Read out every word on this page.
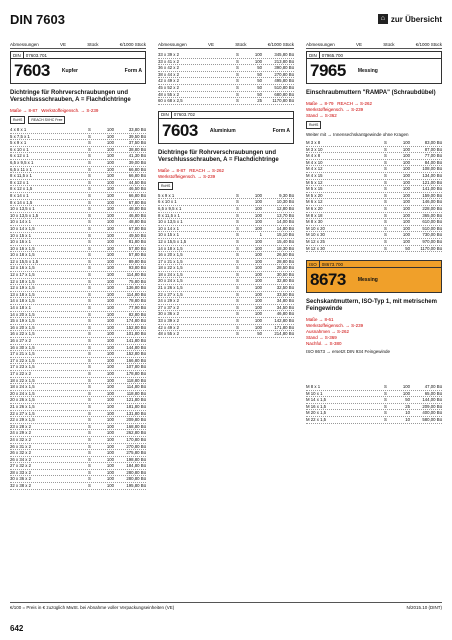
DIN 7603	⌂ zur Übersicht
Abmessungen	VE	Stück	€/1000 Stück
DIN	07603.701
7603 Kupfer	Form A
Dichtringe für Rohrverschraubungen und Verschlussschrauben, A = Flachdichtringe
Maße → 8-87 Werkstoffeigensch. → S-239
RoHS	REACH SVHC Free
4 x 8 x 1	S	100	33,80 Bü
5 x 7,5 x 1	S	100	39,50 Bü
5 x 9 x 1	S	100	37,50 Bü
6 x 10 x 1	S	100	38,80 Bü
6 x 12 x 1	S	100	41,30 Bü
6,5 x 9,5 x 1	S	100	39,00 Bü
6,5 x 11 x 1	S	100	66,80 Bü
8 x 11,5 x 1	S	100	66,80 Bü
8 x 12 x 1	S	100	44,50 Bü
8 x 12 x 1,5	S	100	46,50 Bü
8 x 14 x 1	S	100	66,80 Bü
8 x 14 x 1,5	S	100	67,80 Bü
10 x 13,5 x 1	S	100	48,80 Bü
10 x 13,5 x 1,5	S	100	46,80 Bü
10 x 14 x 1	S	100	48,80 Bü
10 x 14 x 1,5	S	100	67,80 Bü
10 x 15 x 1	S	100	49,50 Bü
10 x 16 x 1	S	100	81,80 Bü
10 x 16 x 1,5	S	100	57,80 Bü
10 x 18 x 1,5	S	100	57,80 Bü
12 x 15,5 x 1,5	S	100	89,80 Bü
12 x 16 x 1,5	S	100	93,80 Bü
12 x 17 x 1,5	S	100	114,80 Bü
12 x 18 x 1,5	S	100	75,80 Bü
12 x 19 x 1,5	S	100	136,80 Bü
13 x 18 x 1,5	S	100	114,80 Bü
14 x 18 x 1,5	S	100	78,80 Bü
14 x 18 x 1	S	100	77,90 Bü
14 x 20 x 1,5	S	100	82,80 Bü
15 x 19 x 1,5	S	100	174,80 Bü
16 x 20 x 1,5	S	100	152,80 Bü
16 x 22 x 1,5	S	100	101,80 Bü
16 x 27 x 2	S	100	141,80 Bü
16 x 30 x 1,5	S	100	144,80 Bü
17 x 21 x 1,5	S	100	152,80 Bü
17 x 22 x 1,5	S	100	166,80 Bü
17 x 23 x 1,5	S	100	107,80 Bü
17 x 22 x 2	S	100	178,80 Bü
18 x 22 x 1,5	S	100	118,80 Bü
18 x 24 x 1,5	S	100	114,80 Bü
20 x 24 x 1,5	S	100	118,80 Bü
20 x 26 x 1,5	S	100	121,80 Bü
21 x 26 x 1,5	S	100	181,80 Bü
22 x 27 x 1,5	S	100	131,80 Bü
22 x 29 x 1,5	S	100	209,80 Bü
23 x 28 x 2	S	100	168,80 Bü
24 x 29 x 2	S	100	262,80 Bü
24 x 32 x 2	S	100	170,80 Bü
26 x 31 x 2	S	100	270,80 Bü
26 x 32 x 2	S	100	275,80 Bü
26 x 34 x 2	S	100	198,80 Bü
27 x 32 x 2	S	100	184,80 Bü
28 x 33 x 2	S	100	280,80 Bü
30 x 36 x 2	S	100	280,80 Bü
32 x 38 x 2	S	100	195,80 Bü
Abmessungen	VE	Stück	€/1000 Stück
33 x 39 x 2	S	100	345,80 Bü
33 x 41 x 2	S	100	213,80 Bü
36 x 42 x 2	S	50	390,80 Bü
38 x 44 x 2	S	50	270,80 Bü
42 x 49 x 2	S	50	495,80 Bü
45 x 52 x 2	S	50	510,80 Bü
48 x 55 x 2	S	50	680,80 Bü
60 x 68 x 2,5	S	25	1170,80 Bü
DIN	07603.702
7603 Aluminium	Form A
Dichtringe für Rohrverschraubungen und Verschlussschrauben, A = Flachdichtringe
Maße → 8-87 REACH → S-262
Werkstoffeigensch. → S-239
RoHS
5 x 9 x 1	S	100	9,30 Bü
6 x 10 x 1	S	100	10,30 Bü
6,5 x 9,5 x 1	S	100	12,80 Bü
8 x 11,5 x 1	S	100	13,70 Bü
10 x 13,5 x 1	S	100	14,00 Bü
10 x 14 x 1	S	100	14,80 Bü
10 x 15 x 1	S	1	15,10 Bü
12 x 15,5 x 1,5	S	100	15,40 Bü
14 x 18 x 1,5	S	100	18,30 Bü
16 x 20 x 1,5	S	100	26,50 Bü
17 x 21 x 1,5	S	100	28,80 Bü
18 x 22 x 1,5	S	100	28,50 Bü
18 x 24 x 1,5	S	100	30,50 Bü
20 x 24 x 1,5	S	100	32,80 Bü
21 x 26 x 1,5	S	100	32,50 Bü
22 x 27 x 1,5	S	100	33,50 Bü
24 x 29 x 2	S	100	34,80 Bü
27 x 37 x 2	S	100	34,50 Bü
30 x 36 x 2	S	100	46,80 Bü
33 x 39 x 2	S	100	142,80 Bü
42 x 49 x 2	S	100	171,80 Bü
48 x 55 x 2	S	50	214,80 Bü
Abmessungen	VE	Stück	€/1000 Stück
DIN	07965.700
7965 Messing
Einschraubmuttern "RAMPA" (Schraubdübel)
Maße → 8-79 REACH → S-262
Werkstoffeigensch. → S-239
Stand → S-362
RoHS
Weiter mit → Innensechskantgewinde ohne Kragen
M 3 x 8	S	100	83,00 Bü
M 3 x 10	S	100	87,00 Bü
M 4 x 8	S	100	77,00 Bü
M 4 x 10	S	100	84,00 Bü
M 4 x 12	S	100	108,00 Bü
M 4 x 15	S	100	134,00 Bü
M 5 x 12	S	100	121,00 Bü
M 5 x 15	S	100	141,00 Bü
M 5 x 20	S	100	159,00 Bü
M 6 x 12	S	100	146,00 Bü
M 6 x 20	S	100	228,00 Bü
M 8 x 18	S	100	365,00 Bü
M 8 x 30	S	100	610,00 Bü
M 10 x 20	S	100	510,00 Bü
M 10 x 30	S	100	730,00 Bü
M 12 x 25	S	100	970,00 Bü
M 12 x 30	S	50	1170,00 Bü
ISO	08673.700
8673 Messing
Sechskantmuttern, ISO-Typ 1, mit metrischem Feingewinde
Maße → 8-61
Werkstoffeigensch. → S-239
Ausnahmen → S-262
Stand → S-369
Nachfol. → S-380
ISO 8673 → ersetzt DIN 934 Feingewinde
M 8 x 1	S	100	47,00 Bü
M 10 x 1	S	100	65,00 Bü
M 14 x 1,5	S	50	144,00 Bü
M 16 x 1,5	S	25	209,00 Bü
M 20 x 1,5	S	10	400,00 Bü
M 22 x 1,5	S	10	580,00 Bü
€/100 = Preis in € zuzüglich MwSt. bei Abnahme voller Verpackungseinheiten (VE)	N/2015.10 (DINT)
642
